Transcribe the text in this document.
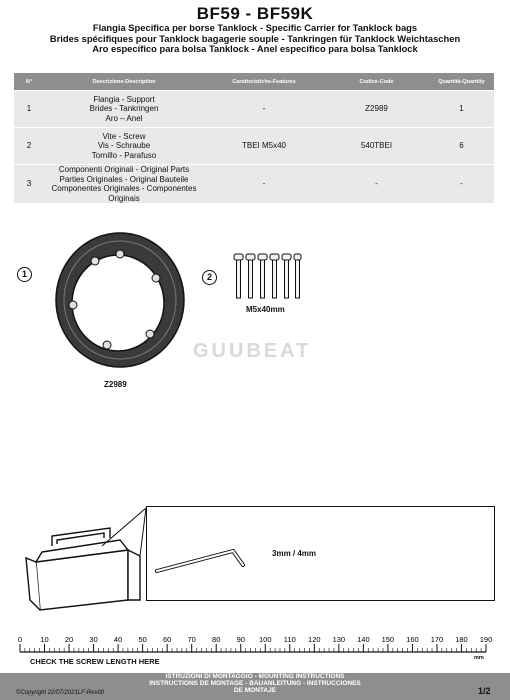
BF59 - BF59K
Flangia Specifica per borse Tanklock - Specific Carrier for Tanklock bags
Brides spécifiques pour Tanklock bagagerie souple - Tankringen für Tanklock Weichtaschen
Aro específico para bolsa Tanklock - Anel específico para bolsa Tanklock
N°	Descrizione-Description	Caratteristiche-Features	Codice-Code	Quantità-Quantity
1	Flangia - Support
Brides - Tankringen
Aro – Anel	-	Z2989	1
2	Vite - Screw
Vis - Schraube
Tornillo - Parafuso	TBEI M5x40	540TBEI	6
3	Componenti Originali - Original Parts
Parties Originales - Original Bauteile
Componentes Originales - Componentes Originais	-	-	-
1
Z2989
2
M5x40mm
GUUBEAT
3mm / 4mm
0 10 20 30 40 50 60 70 80 90 100 110 120 130 140 150 160 170 180 190
mm
CHECK THE SCREW LENGTH HERE
ISTRUZIONI DI MONTAGGIO - MOUNTING INSTRUCTIONS
INSTRUCTIONS DE MONTAGE - BAUANLEITUNG - INSTRUCCIONES
DE MONTAJE
©Copyright 22/07/2021LF-Rev00	1/2
